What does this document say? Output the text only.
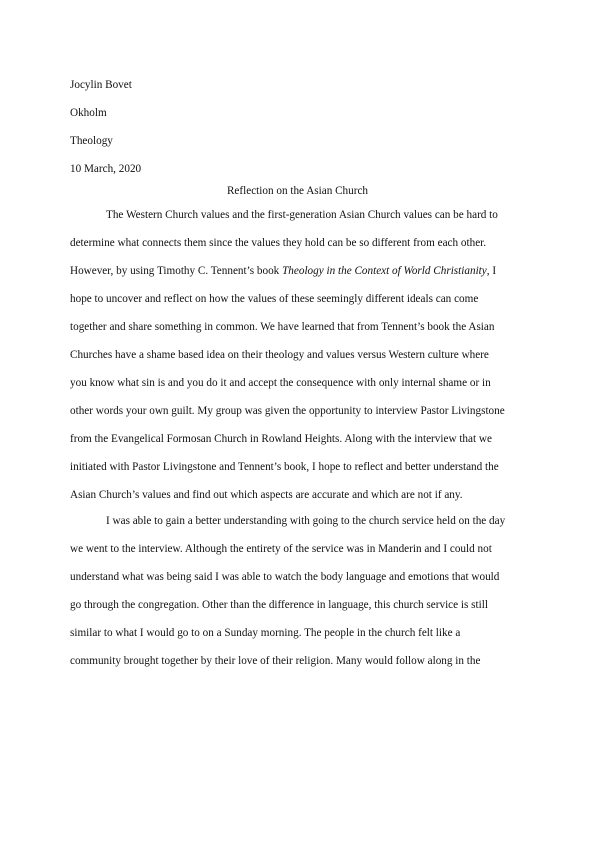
Jocylin Bovet
Okholm
Theology
10 March, 2020
Reflection on the Asian Church
The Western Church values and the first-generation Asian Church values can be hard to
determine what connects them since the values they hold can be so different from each other.
However, by using Timothy C. Tennent’s book Theology in the Context of World Christianity, I
hope to uncover and reflect on how the values of these seemingly different ideals can come
together and share something in common. We have learned that from Tennent’s book the Asian
Churches have a shame based idea on their theology and values versus Western culture where
you know what sin is and you do it and accept the consequence with only internal shame or in
other words your own guilt. My group was given the opportunity to interview Pastor Livingstone
from the Evangelical Formosan Church in Rowland Heights. Along with the interview that we
initiated with Pastor Livingstone and Tennent’s book, I hope to reflect and better understand the
Asian Church’s values and find out which aspects are accurate and which are not if any.
I was able to gain a better understanding with going to the church service held on the day
we went to the interview. Although the entirety of the service was in Manderin and I could not
understand what was being said I was able to watch the body language and emotions that would
go through the congregation. Other than the difference in language, this church service is still
similar to what I would go to on a Sunday morning. The people in the church felt like a
community brought together by their love of their religion. Many would follow along in the
